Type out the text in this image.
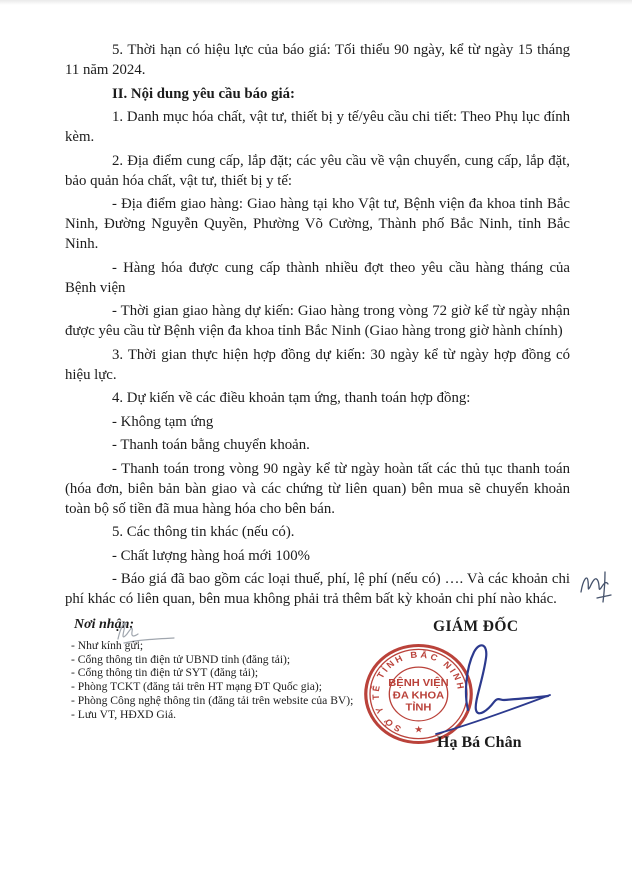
5. Thời hạn có hiệu lực của báo giá: Tối thiểu 90 ngày, kể từ ngày 15 tháng 11 năm 2024.
II. Nội dung yêu cầu báo giá:
1. Danh mục hóa chất, vật tư, thiết bị y tế/yêu cầu chi tiết: Theo Phụ lục đính kèm.
2. Địa điểm cung cấp, lắp đặt; các yêu cầu về vận chuyển, cung cấp, lắp đặt, bảo quản hóa chất, vật tư, thiết bị y tế:
- Địa điểm giao hàng: Giao hàng tại kho Vật tư, Bệnh viện đa khoa tỉnh Bắc Ninh, Đường Nguyễn Quyền, Phường Võ Cường, Thành phố Bắc Ninh, tỉnh Bắc Ninh.
- Hàng hóa được cung cấp thành nhiều đợt theo yêu cầu hàng tháng của Bệnh viện
- Thời gian giao hàng dự kiến: Giao hàng trong vòng 72 giờ kể từ ngày nhận được yêu cầu từ Bệnh viện đa khoa tỉnh Bắc Ninh (Giao hàng trong giờ hành chính)
3. Thời gian thực hiện hợp đồng dự kiến: 30 ngày kể từ ngày hợp đồng có hiệu lực.
4. Dự kiến về các điều khoản tạm ứng, thanh toán hợp đồng:
- Không tạm ứng
- Thanh toán bằng chuyển khoản.
- Thanh toán trong vòng 90 ngày kể từ ngày hoàn tất các thủ tục thanh toán (hóa đơn, biên bản bàn giao và các chứng từ liên quan) bên mua sẽ chuyển khoản toàn bộ số tiền đã mua hàng hóa cho bên bán.
5. Các thông tin khác (nếu có).
- Chất lượng hàng hoá mới 100%
- Báo giá đã bao gồm các loại thuế, phí, lệ phí (nếu có) …. Và các khoản chi phí khác có liên quan, bên mua không phải trả thêm bất kỳ khoản chi phí nào khác.
Nơi nhận:
- Như kính gửi;
- Cổng thông tin điện tử UBND tỉnh (đăng tải);
- Cổng thông tin điện tử SYT (đăng tải);
- Phòng TCKT (đăng tải trên HT mạng ĐT Quốc gia);
- Phòng Công nghệ thông tin (đăng tải trên website của BV);
- Lưu VT, HĐXD Giá.
GIÁM ĐỐC
SỞ Y TẾ TỈNH BẮC NINH
BỆNH VIỆN
ĐA KHOA
TỈNH
★
Hạ Bá Chân
